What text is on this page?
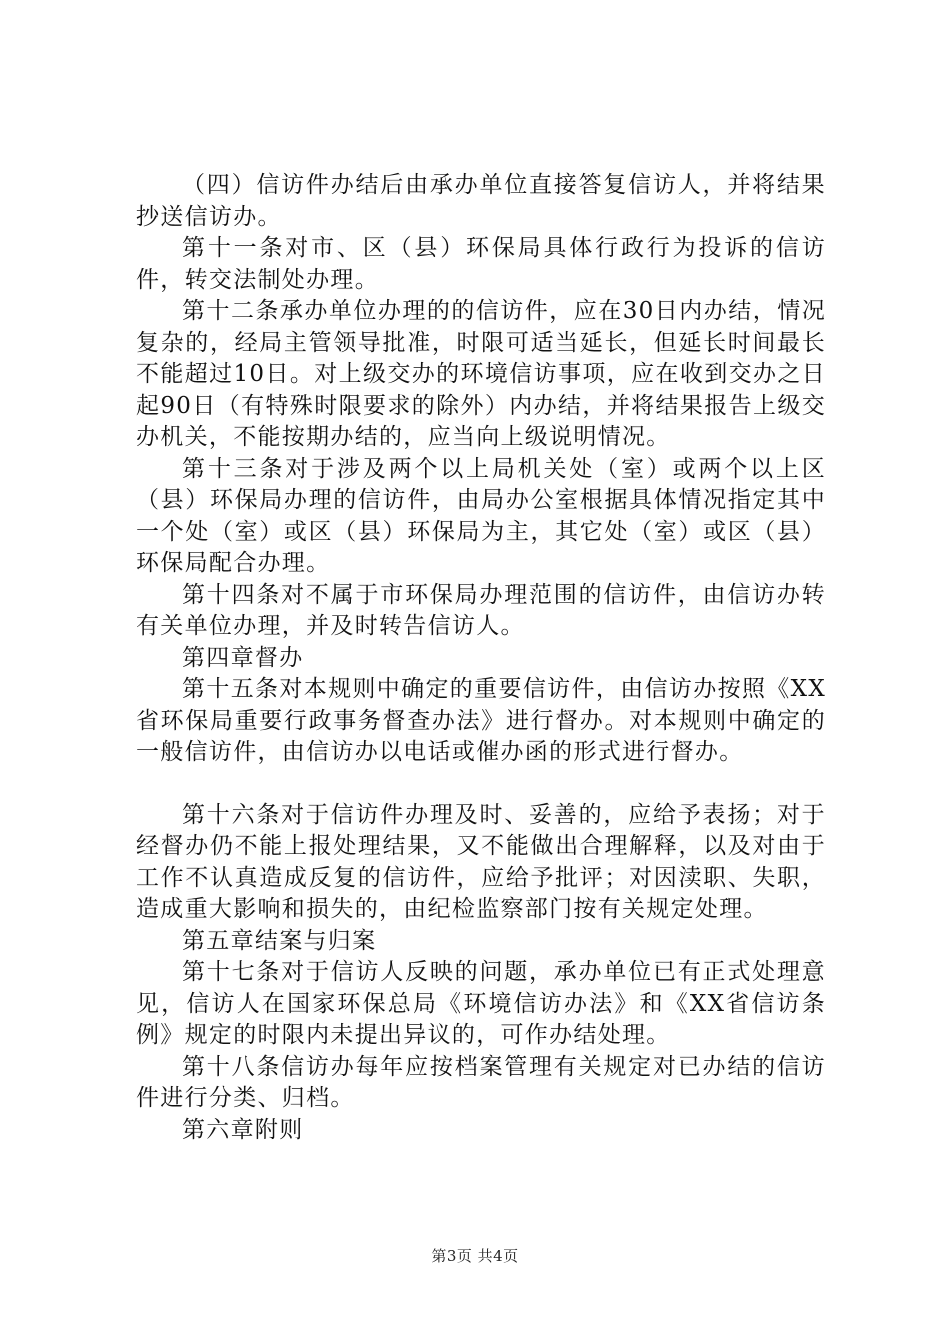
（四）信访件办结后由承办单位直接答复信访人，并将结果抄送信访办。

第十一条对市、区（县）环保局具体行政行为投诉的信访件，转交法制处办理。

第十二条承办单位办理的的信访件，应在30日内办结，情况复杂的，经局主管领导批准，时限可适当延长，但延长时间最长不能超过10日。对上级交办的环境信访事项，应在收到交办之日起90日（有特殊时限要求的除外）内办结，并将结果报告上级交办机关，不能按期办结的，应当向上级说明情况。

第十三条对于涉及两个以上局机关处（室）或两个以上区（县）环保局办理的信访件，由局办公室根据具体情况指定其中一个处（室）或区（县）环保局为主，其它处（室）或区（县）环保局配合办理。

第十四条对不属于市环保局办理范围的信访件，由信访办转有关单位办理，并及时转告信访人。

第四章督办

第十五条对本规则中确定的重要信访件，由信访办按照《XX省环保局重要行政事务督查办法》进行督办。对本规则中确定的一般信访件，由信访办以电话或催办函的形式进行督办。

第十六条对于信访件办理及时、妥善的，应给予表扬；对于经督办仍不能上报处理结果，又不能做出合理解释，以及对由于工作不认真造成反复的信访件，应给予批评；对因渎职、失职，造成重大影响和损失的，由纪检监察部门按有关规定处理。

第五章结案与归案

第十七条对于信访人反映的问题，承办单位已有正式处理意见，信访人在国家环保总局《环境信访办法》和《XX省信访条例》规定的时限内未提出异议的，可作办结处理。

第十八条信访办每年应按档案管理有关规定对已办结的信访件进行分类、归档。

第六章附则

第3页 共4页
